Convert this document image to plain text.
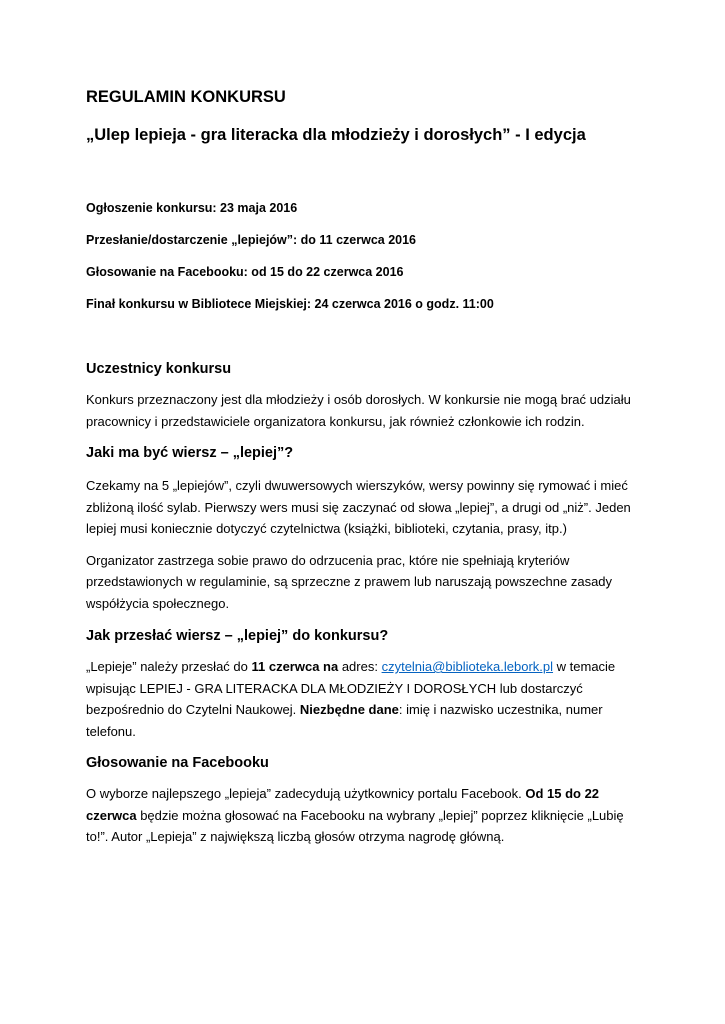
REGULAMIN KONKURSU
„Ulep lepieja - gra literacka dla młodzieży i dorosłych” - I edycja

Ogłoszenie konkursu: 23 maja 2016

Przesłanie/dostarczenie „lepiejów”: do 11 czerwca 2016

Głosowanie na Facebooku: od 15 do 22 czerwca 2016

Finał konkursu w Bibliotece Miejskiej: 24 czerwca 2016 o godz. 11:00

Uczestnicy konkursu

Konkurs przeznaczony jest dla młodzieży i osób dorosłych. W konkursie nie mogą brać udziału pracownicy i przedstawiciele organizatora konkursu, jak również członkowie ich rodzin.

Jaki ma być wiersz – „lepiej”?

Czekamy na 5 „lepiejów”, czyli dwuwersowych wierszyków, wersy powinny się rymować i mieć zbliżoną ilość sylab. Pierwszy wers musi się zaczynać od słowa „lepiej”, a drugi od „niż”. Jeden lepiej musi koniecznie dotyczyć czytelnictwa (książki, biblioteki, czytania, prasy, itp.)

Organizator zastrzega sobie prawo do odrzucenia prac, które nie spełniają kryteriów przedstawionych w regulaminie, są sprzeczne z prawem lub naruszają powszechne zasady współżycia społecznego.

Jak przesłać wiersz – „lepiej” do konkursu?

„Lepieje” należy przesłać do 11 czerwca na adres: czytelnia@biblioteka.lebork.pl w temacie wpisując LEPIEJ - GRA LITERACKA DLA MŁODZIEŻY I DOROSŁYCH lub dostarczyć bezpośrednio do Czytelni Naukowej. Niezbędne dane: imię i nazwisko uczestnika, numer telefonu.

Głosowanie na Facebooku

O wyborze najlepszego „lepieja” zadecydują użytkownicy portalu Facebook. Od 15 do 22 czerwca będzie można głosować na Facebooku na wybrany „lepiej” poprzez kliknięcie „Lubię to!”. Autor „Lepieja” z największą liczbą głosów otrzyma nagrodę główną.
